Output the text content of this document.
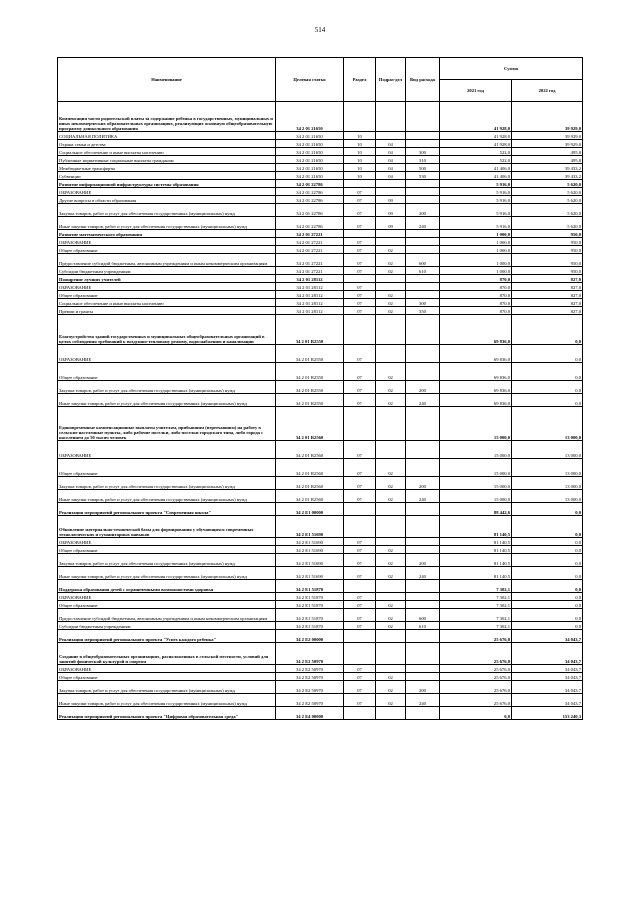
514
Наименование	Целевая статья	Раздел	Подраз-дел	Вид расхода	Сумма	
					2021 год	2022 год
Компенсация части родительской платы за содержание ребенка в государственных, муниципальных и иных некоммерческих образовательных организациях, реализующих основную общеобразовательную программу дошкольного образования	34 2 01 21650				41 928,0	39 929,0
СОЦИАЛЬНАЯ ПОЛИТИКА	34 2 01 21650	10			41 928,0	39 929,0
Охрана семьи и детства	34 2 01 21650	10	04		41 928,0	39 929,0
Социальное обеспечение и иные выплаты населению	34 2 01 21650	10	04	300	522,0	495,8
Публичные нормативные социальные выплаты гражданам	34 2 01 21650	10	04	310	522,0	495,8
Межбюджетные трансферты	34 2 01 21650	10	04	500	41 406,0	39 433,2
Субвенции	34 2 01 21650	10	04	530	41 406,0	39 433,2
Развитие информационной инфраструктуры системы образования	34 2 01 22786				5 916,0	5 620,0
ОБРАЗОВАНИЕ	34 2 01 22786	07			5 916,0	5 620,0
Другие вопросы в области образования	34 2 01 22786	07	09		5 916,0	5 620,0
Закупка товаров, работ и услуг для обеспечения государственных (муниципальных) нужд	34 2 01 22786	07	09	200	5 916,0	5 620,0
Иные закупки товаров, работ и услуг для обеспечения государственных (муниципальных) нужд	34 2 01 22786	07	09	240	5 916,0	5 620,0
Развитие математического образования	34 2 01 27221				1 000,0	950,0
ОБРАЗОВАНИЕ	34 2 01 27221	07			1 000,0	950,0
Общее образование	34 2 01 27221	07	02		1 000,0	950,0
Предоставление субсидий бюджетным, автономным учреждениям и иным некоммерческим организациям	34 2 01 27221	07	02	600	1 000,0	950,0
Субсидии бюджетным учреждениям	34 2 01 27221	07	02	610	1 000,0	950,0
Поощрение лучших учителей	34 2 01 28112				870,0	827,0
ОБРАЗОВАНИЕ	34 2 01 28112	07			870,0	827,0
Общее образование	34 2 01 28112	07	02		870,0	827,0
Социальное обеспечение и иные выплаты населению	34 2 01 28112	07	02	300	870,0	827,0
Премии и гранты	34 2 01 28112	07	02	350	870,0	827,0
Благоустройство зданий государственных и муниципальных общеобразовательных организаций в целях соблюдения требований к воздушно-тепловому режиму, водоснабжению и канализации	34 2 01 R2550				69 836,0	0,0
ОБРАЗОВАНИЕ	34 2 01 R2550	07			69 836,0	0,0
Общее образование	34 2 01 R2550	07	02		69 836,0	0,0
Закупка товаров, работ и услуг для обеспечения государственных (муниципальных) нужд	34 2 01 R2550	07	02	200	69 836,0	0,0
Иные закупки товаров, работ и услуг для обеспечения государственных (муниципальных) нужд	34 2 01 R2550	07	02	240	69 836,0	0,0
Единовременные компенсационные выплаты учителям, прибывшим (переехавшим) на работу в сельские населенные пункты, либо рабочие поселки, либо поселки городского типа, либо города с населением до 50 тысяч человек	34 2 01 R2560				15 000,0	13 000,0
ОБРАЗОВАНИЕ	34 2 01 R2560	07			15 000,0	13 000,0
Общее образование	34 2 01 R2560	07	02		15 000,0	13 000,0
Закупка товаров, работ и услуг для обеспечения государственных (муниципальных) нужд	34 2 01 R2560	07	02	200	15 000,0	13 000,0
Иные закупки товаров, работ и услуг для обеспечения государственных (муниципальных) нужд	34 2 01 R2560	07	02	240	15 000,0	13 000,0
Реализация мероприятий регионального проекта "Современная школа"	34 2 E1 00000				88 442,6	0,0
Обновление материально-технической базы для формирования у обучающихся современных технологических и гуманитарных навыков	34 2 E1 51690				81 140,5	0,0
ОБРАЗОВАНИЕ	34 2 E1 51690	07			81 140,5	0,0
Общее образование	34 2 E1 51690	07	02		81 140,5	0,0
Закупка товаров, работ и услуг для обеспечения государственных (муниципальных) нужд	34 2 E1 51690	07	02	200	81 140,5	0,0
Иные закупки товаров, работ и услуг для обеспечения государственных (муниципальных) нужд	34 2 E1 51690	07	02	240	81 140,5	0,0
Поддержка образования детей с ограниченными возможностями здоровья	34 2 E1 51870				7 302,1	0,0
ОБРАЗОВАНИЕ	34 2 E1 51870	07			7 302,1	0,0
Общее образование	34 2 E1 51870	07	02		7 302,1	0,0
Предоставление субсидий бюджетным, автономным учреждениям и иным некоммерческим организациям	34 2 E1 51870	07	02	600	7 302,1	0,0
Субсидии бюджетным учреждениям	34 2 E1 51870	07	02	610	7 302,1	0,0
Реализация мероприятий регионального проекта "Успех каждого ребенка"	34 2 E2 00000				25 676,0	34 043,7
Создание в общеобразовательных организациях, расположенных в сельской местности, условий для занятий физической культурой и спортом	34 2 E2 50970				25 676,0	34 043,7
ОБРАЗОВАНИЕ	34 2 E2 50970	07			25 676,0	34 043,7
Общее образование	34 2 E2 50970	07	02		25 676,0	34 043,7
Закупка товаров, работ и услуг для обеспечения государственных (муниципальных) нужд	34 2 E2 50970	07	02	200	25 676,0	34 043,7
Иные закупки товаров, работ и услуг для обеспечения государственных (муниципальных) нужд	34 2 E2 50970	07	02	240	25 676,0	34 043,7
Реализация мероприятий регионального проекта "Цифровая образовательная среда"	34 2 E4 00000				0,0	153 240,3
